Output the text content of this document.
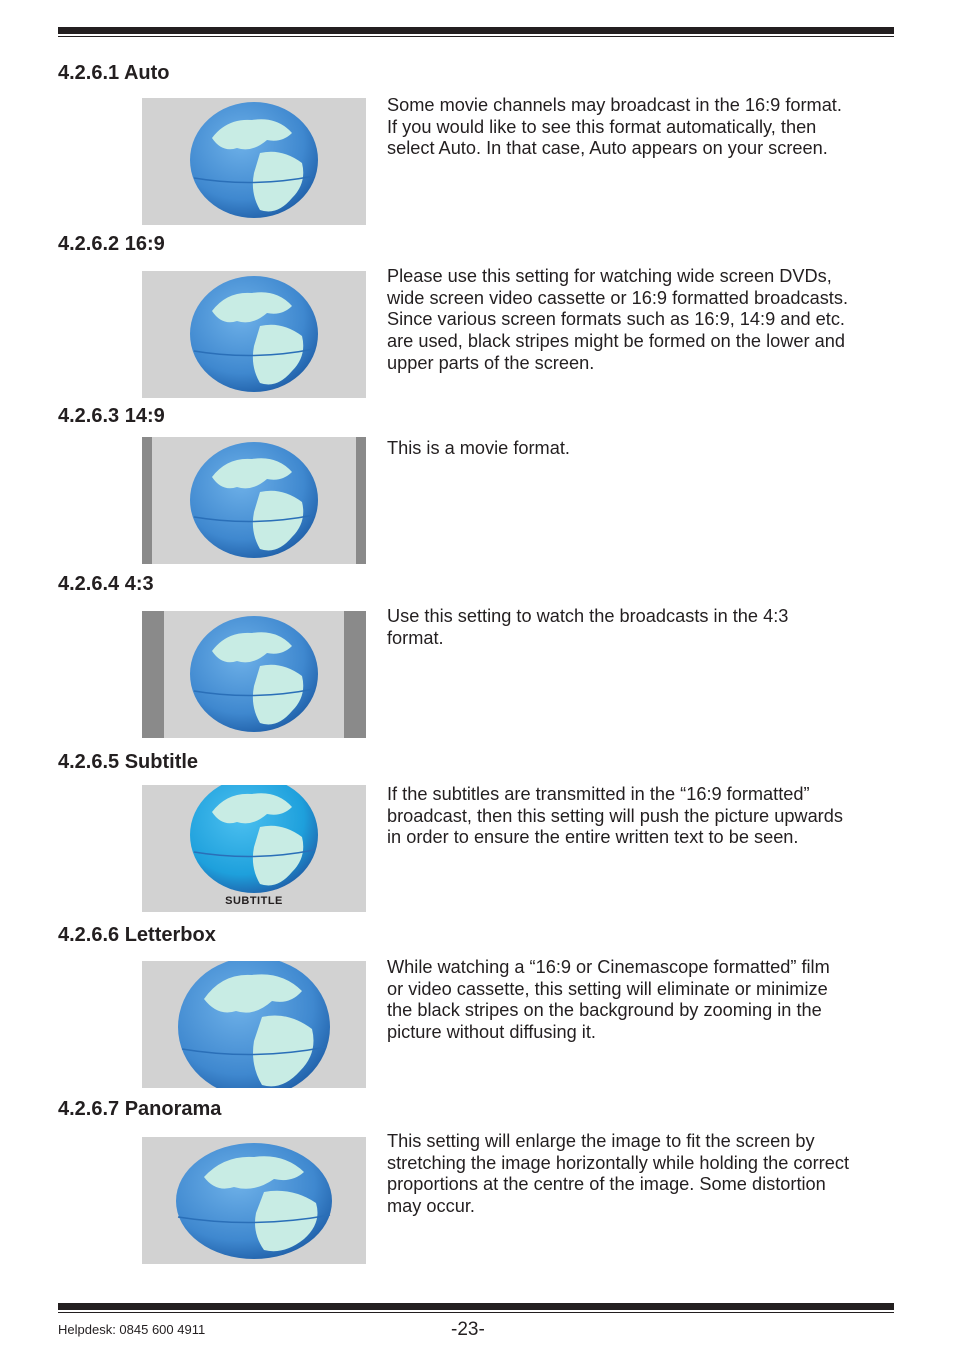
4.2.6.1 Auto
Some movie channels may broadcast in the 16:9 format.
If you would like to see this format automatically, then
select Auto. In that case, Auto appears on your screen.
4.2.6.2 16:9
Please use this setting for watching wide screen DVDs,
wide screen video cassette or 16:9 formatted broadcasts.
Since various screen formats such as 16:9, 14:9 and etc.
are used, black stripes might be formed on the lower and
upper parts of the screen.
4.2.6.3 14:9
This is a movie format.
4.2.6.4 4:3
Use this setting to watch the broadcasts in the 4:3
format.
4.2.6.5 Subtitle
SUBTITLE
If the subtitles are transmitted in the “16:9 formatted”
broadcast, then this setting will push the picture upwards
in order to ensure the entire written text to be seen.
4.2.6.6 Letterbox
While watching a “16:9 or Cinemascope formatted” film
or video cassette, this setting will eliminate or minimize
the black stripes on the background by zooming in the
picture without diffusing it.
4.2.6.7 Panorama
This setting will enlarge the image to fit the screen by
stretching the image horizontally while holding the correct
proportions at the centre of the image. Some distortion
may occur.
Helpdesk: 0845 600 4911	-23-
